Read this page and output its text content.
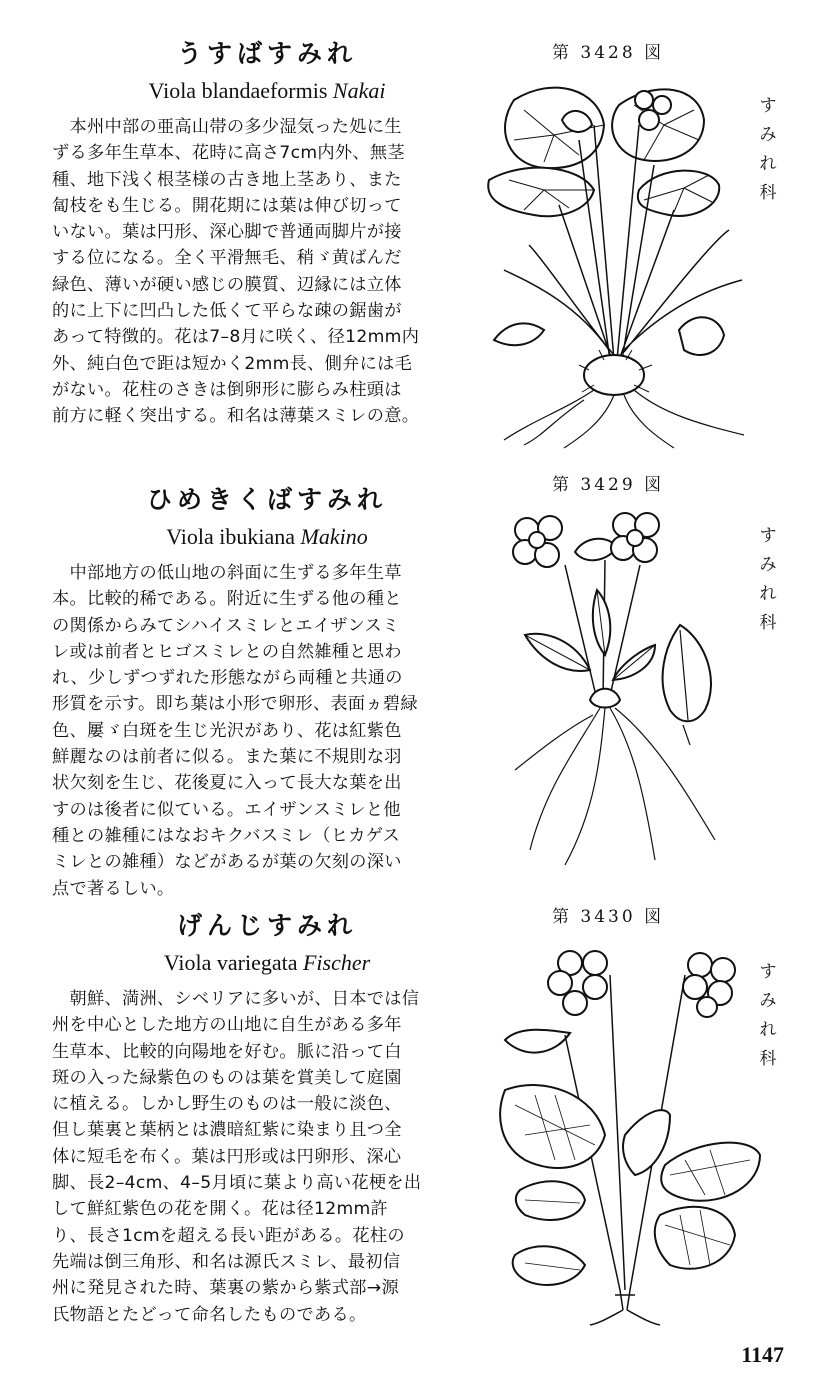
うすばすみれ
Viola blandaeformis Nakai

　本州中部の亜高山帯の多少湿気った処に生
ずる多年生草本、花時に高さ7cm内外、無茎
種、地下浅く根茎様の古き地上茎あり、また
匐枝をも生じる。開花期には葉は伸び切って
いない。葉は円形、深心脚で普通両脚片が接
する位になる。全く平滑無毛、稍ゞ黄ばんだ
緑色、薄いが硬い感じの膜質、辺縁には立体
的に上下に凹凸した低くて平らな疎の鋸歯が
あって特徴的。花は7–8月に咲く、径12mm内
外、純白色で距は短かく2mm長、側弁には毛
がない。花柱のさきは倒卵形に膨らみ柱頭は
前方に軽く突出する。和名は薄葉スミレの意。

第 3428 図
す
み
れ
科
ひめきくばすみれ
Viola ibukiana Makino

　中部地方の低山地の斜面に生ずる多年生草
本。比較的稀である。附近に生ずる他の種と
の関係からみてシハイスミレとエイザンスミ
レ或は前者とヒゴスミレとの自然雑種と思わ
れ、少しずつずれた形態ながら両種と共通の
形質を示す。即ち葉は小形で卵形、表面ヵ碧緑
色、屢ゞ白斑を生じ光沢があり、花は紅紫色
鮮麗なのは前者に似る。また葉に不規則な羽
状欠刻を生じ、花後夏に入って長大な葉を出
すのは後者に似ている。エイザンスミレと他
種との雑種にはなおキクバスミレ（ヒカゲス
ミレとの雑種）などがあるが葉の欠刻の深い
点で著るしい。

第 3429 図
す
み
れ
科
げんじすみれ
Viola variegata Fischer

　朝鮮、満洲、シベリアに多いが、日本では信
州を中心とした地方の山地に自生がある多年
生草本、比較的向陽地を好む。脈に沿って白
斑の入った緑紫色のものは葉を賞美して庭園
に植える。しかし野生のものは一般に淡色、
但し葉裏と葉柄とは濃暗紅紫に染まり且つ全
体に短毛を布く。葉は円形或は円卵形、深心
脚、長2–4cm、4–5月頃に葉より高い花梗を出
して鮮紅紫色の花を開く。花は径12mm許
り、長さ1cmを超える長い距がある。花柱の
先端は倒三角形、和名は源氏スミレ、最初信
州に発見された時、葉裏の紫から紫式部→源
氏物語とたどって命名したものである。

第 3430 図
す
み
れ
科
1147
